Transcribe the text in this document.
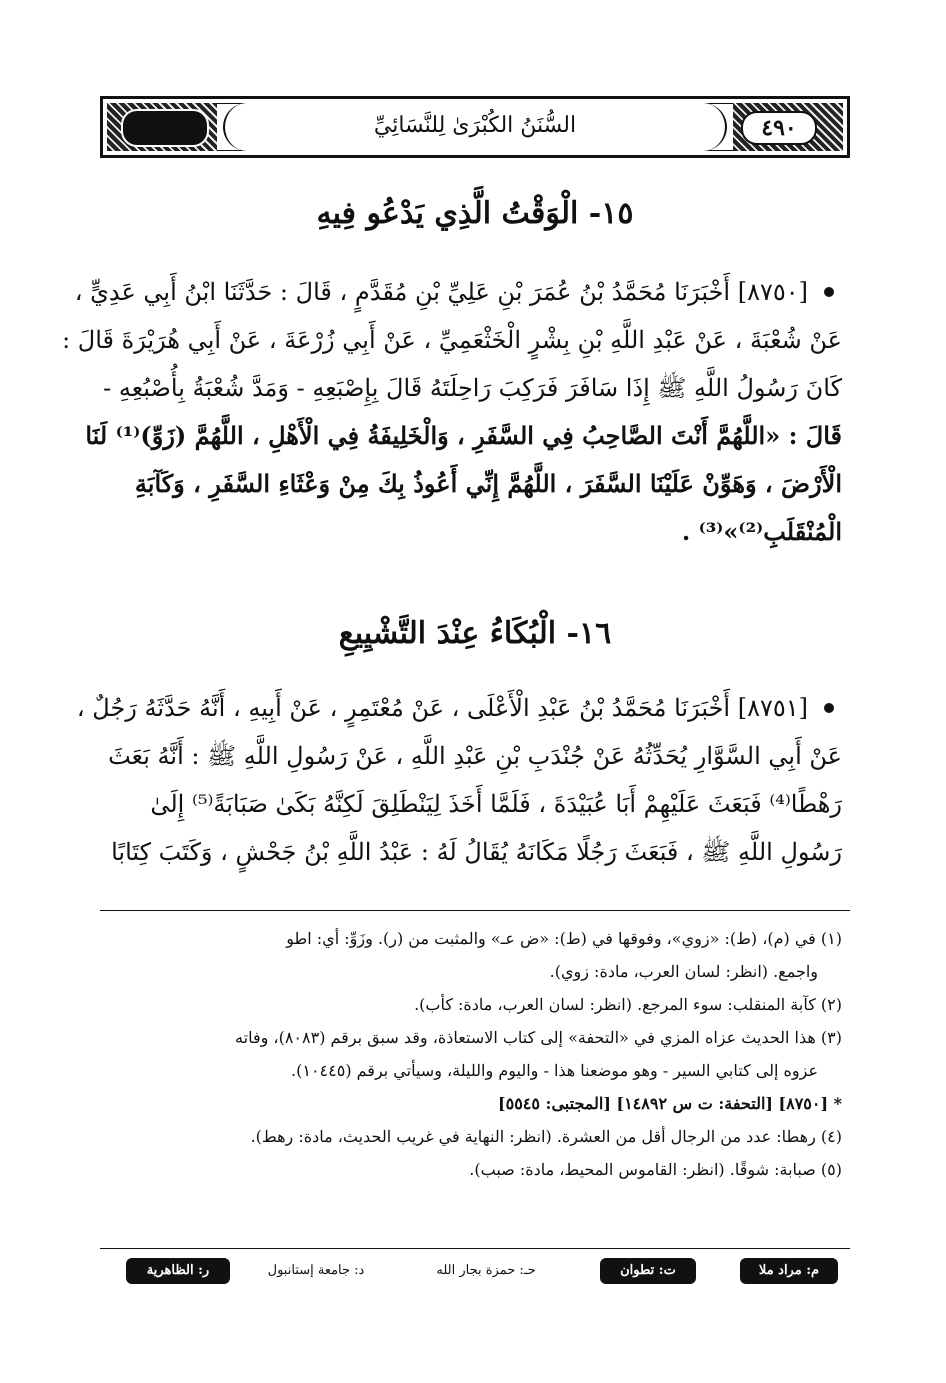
السُّنَنُ الكُبْرَىٰ لِلنَّسَائِيِّ	٤٩٠
١٥- الْوَقْتُ الَّذِي يَدْعُو فِيهِ
[٨٧٥٠] أَخْبَرَنَا مُحَمَّدُ بْنُ عُمَرَ بْنِ عَلِيِّ بْنِ مُقَدَّمٍ ، قَالَ : حَدَّثَنَا ابْنُ أَبِي عَدِيٍّ ،
عَنْ شُعْبَةَ ، عَنْ عَبْدِ اللَّهِ بْنِ بِشْرٍ الْخَثْعَمِيِّ ، عَنْ أَبِي زُرْعَةَ ، عَنْ أَبِي هُرَيْرَةَ قَالَ :
كَانَ رَسُولُ اللَّهِ ﷺ إِذَا سَافَرَ فَرَكِبَ رَاحِلَتَهُ قَالَ بِإِصْبَعِهِ - وَمَدَّ شُعْبَةُ بِأُصْبُعِهِ -
قَالَ : «اللَّهُمَّ أَنْتَ الصَّاحِبُ فِي السَّفَرِ ، وَالْخَلِيفَةُ فِي الْأَهْلِ ، اللَّهُمَّ (زَوِّ)⁽¹⁾ لَنَا
الْأَرْضَ ، وَهَوِّنْ عَلَيْنَا السَّفَرَ ، اللَّهُمَّ إِنِّي أَعُوذُ بِكَ مِنْ وَعْثَاءِ السَّفَرِ ، وَكَآبَةِ
الْمُنْقَلَبِ⁽²⁾»⁽³⁾ .
١٦- الْبُكَاءُ عِنْدَ التَّشْيِيعِ
[٨٧٥١] أَخْبَرَنَا مُحَمَّدُ بْنُ عَبْدِ الْأَعْلَى ، عَنْ مُعْتَمِرٍ ، عَنْ أَبِيهِ ، أَنَّهُ حَدَّثَهُ رَجُلٌ ،
عَنْ أَبِي السَّوَّارِ يُحَدِّثُهُ عَنْ جُنْدَبِ بْنِ عَبْدِ اللَّهِ ، عَنْ رَسُولِ اللَّهِ ﷺ : أَنَّهُ بَعَثَ
رَهْطًا⁽⁴⁾ فَبَعَثَ عَلَيْهِمْ أَبَا عُبَيْدَةَ ، فَلَمَّا أَخَذَ لِيَنْطَلِقَ لَكِنَّهُ بَكَىٰ صَبَابَةً⁽⁵⁾ إِلَىٰ
رَسُولِ اللَّهِ ﷺ ، فَبَعَثَ رَجُلًا مَكَانَهُ يُقَالُ لَهُ : عَبْدُ اللَّهِ بْنُ جَحْشٍ ، وَكَتَبَ كِتَابًا
(١) في (م)، (ط): «زوي»، وفوقها في (ط): «ض عـ» والمثبت من (ر). وزَوِّ: أي: اطو
واجمع. (انظر: لسان العرب، مادة: زوي).
(٢) كآبة المنقلب: سوء المرجع. (انظر: لسان العرب، مادة: كأب).
(٣) هذا الحديث عزاه المزي في «التحفة» إلى كتاب الاستعاذة، وقد سبق برقم (٨٠٨٣)، وفاته
عزوه إلى كتابي السير - وهو موضعنا هذا - واليوم والليلة، وسيأتي برقم (١٠٤٤٥).
* [٨٧٥٠] [التحفة: ت س ١٤٨٩٢] [المجتبى: ٥٥٤٥]
(٤) رهطا: عدد من الرجال أقل من العشرة. (انظر: النهاية في غريب الحديث، مادة: رهط).
(٥) صبابة: شوقًا. (انظر: القاموس المحيط، مادة: صبب).
م: مراد ملا
ت: تطوان
حـ: حمزة بجار الله
د: جامعة إستانبول
ر: الظاهرية
